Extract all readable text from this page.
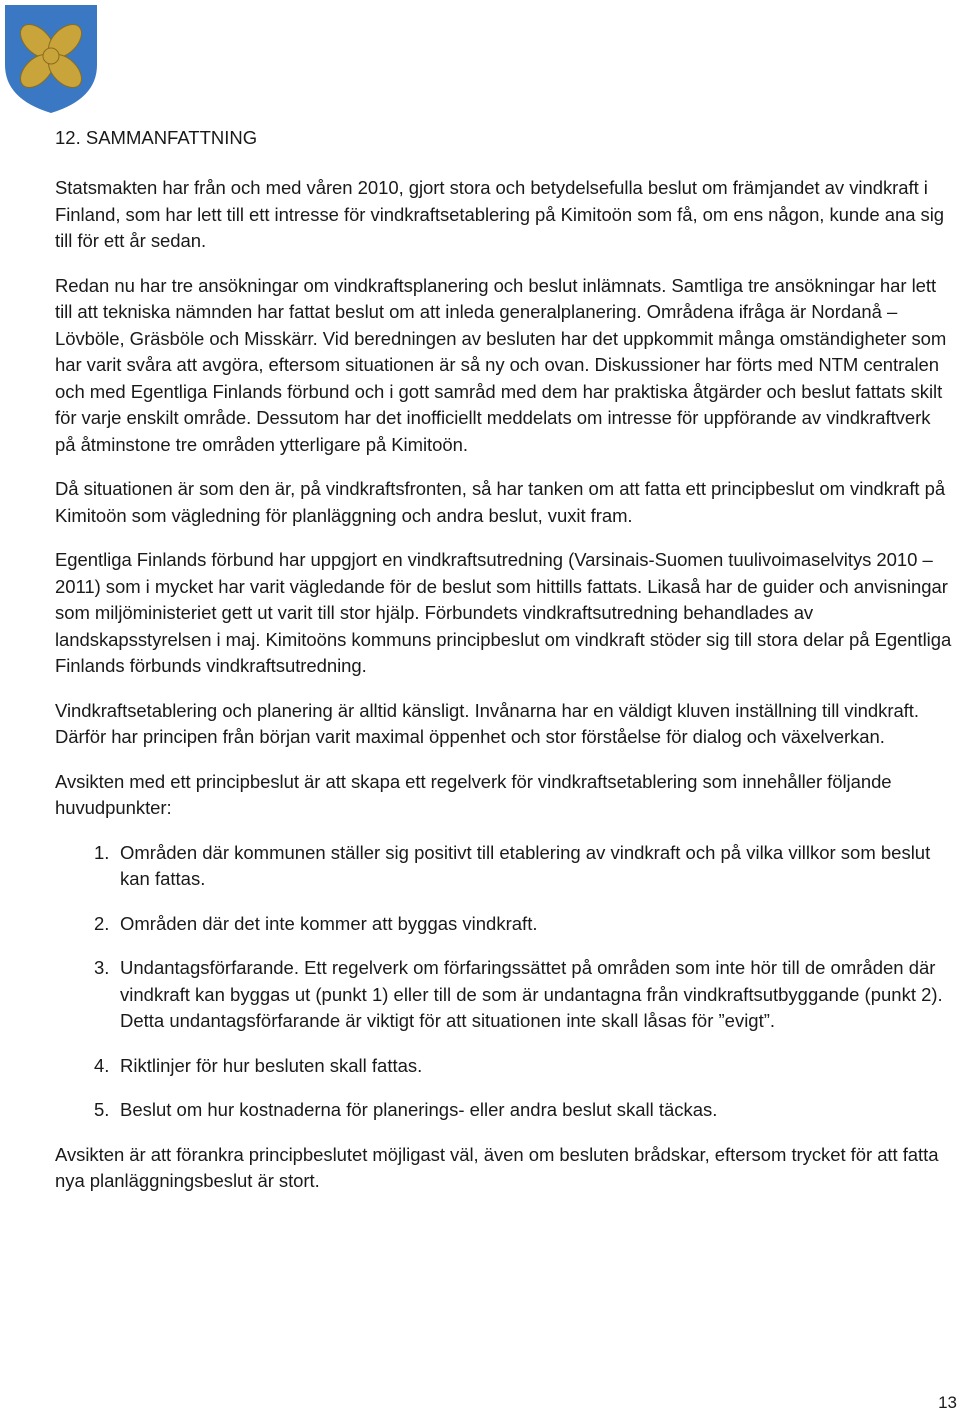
12. SAMMANFATTNING

Statsmakten har från och med våren 2010, gjort stora och betydelsefulla beslut om främjandet av vindkraft i Finland, som har lett till ett intresse för vindkraftsetablering på Kimitoön som få, om ens någon, kunde ana sig till för ett år sedan.

Redan nu har tre ansökningar om vindkraftsplanering och beslut inlämnats. Samtliga tre ansökningar har lett till att tekniska nämnden har fattat beslut om att inleda generalplanering. Områdena ifråga är Nordanå – Lövböle, Gräsböle och Misskärr. Vid beredningen av besluten har det uppkommit många omständigheter som har varit svåra att avgöra, eftersom situationen är så ny och ovan. Diskussioner har förts med NTM centralen och med Egentliga Finlands förbund och i gott samråd med dem har praktiska åtgärder och beslut fattats skilt för varje enskilt område. Dessutom har det inofficiellt meddelats om intresse för uppförande av vindkraftverk på åtminstone tre områden ytterligare på Kimitoön.

Då situationen är som den är, på vindkraftsfronten, så har tanken om att fatta ett principbeslut om vindkraft på Kimitoön som vägledning för planläggning och andra beslut, vuxit fram.

Egentliga Finlands förbund har uppgjort en vindkraftsutredning (Varsinais-Suomen tuulivoimaselvitys 2010 – 2011) som i mycket har varit vägledande för de beslut som hittills fattats. Likaså har de guider och anvisningar som miljöministeriet gett ut varit till stor hjälp. Förbundets vindkraftsutredning behandlades av landskapsstyrelsen i maj. Kimitoöns kommuns principbeslut om vindkraft stöder sig till stora delar på Egentliga Finlands förbunds vindkraftsutredning.

Vindkraftsetablering och planering är alltid känsligt. Invånarna har en väldigt kluven inställning till vindkraft. Därför har principen från början varit maximal öppenhet och stor förståelse för dialog och växelverkan.

Avsikten med ett principbeslut är att skapa ett regelverk för vindkraftsetablering som innehåller följande huvudpunkter:

1. Områden där kommunen ställer sig positivt till etablering av vindkraft och på vilka villkor som beslut kan fattas.
2. Områden där det inte kommer att byggas vindkraft.
3. Undantagsförfarande. Ett regelverk om förfaringssättet på områden som inte hör till de områden där vindkraft kan byggas ut (punkt 1) eller till de som är undantagna från vindkraftsutbyggande (punkt 2). Detta undantagsförfarande är viktigt för att situationen inte skall låsas för ”evigt”.
4. Riktlinjer för hur besluten skall fattas.
5. Beslut om hur kostnaderna för planerings- eller andra beslut skall täckas.

Avsikten är att förankra principbeslutet möjligast väl, även om besluten brådskar, eftersom trycket för att fatta nya planläggningsbeslut är stort.

13
